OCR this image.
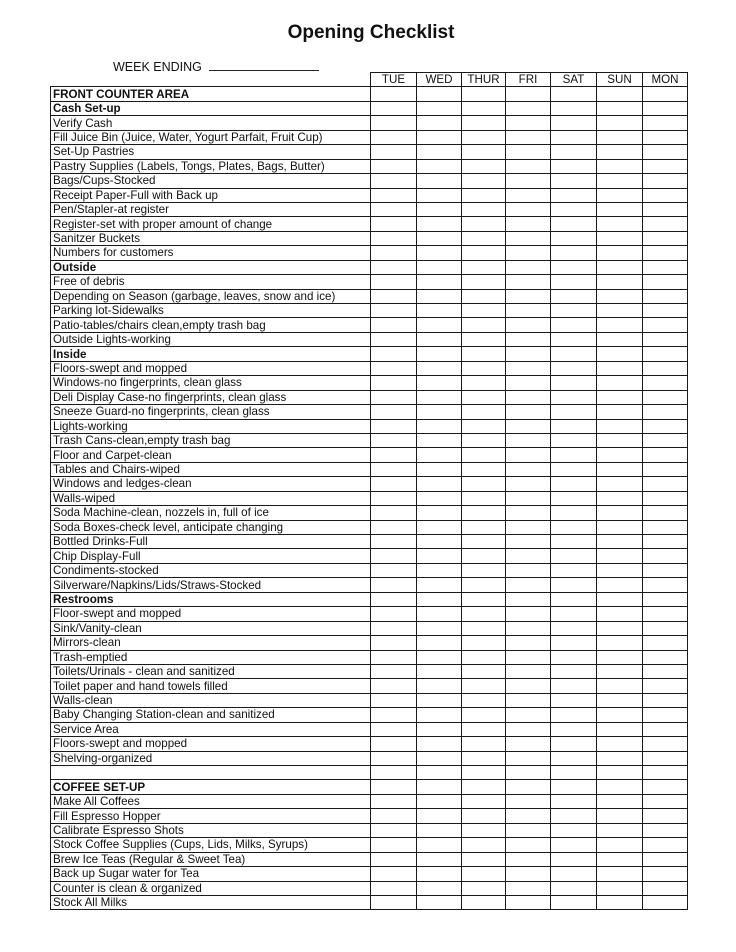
Opening Checklist
WEEK ENDING
	TUE	WED	THUR	FRI	SAT	SUN	MON
FRONT COUNTER AREA							
Cash Set-up							
Verify Cash							
Fill Juice Bin (Juice, Water, Yogurt Parfait, Fruit Cup)							
Set-Up Pastries							
Pastry Supplies (Labels, Tongs, Plates, Bags, Butter)							
Bags/Cups-Stocked							
Receipt Paper-Full with Back up							
Pen/Stapler-at register							
Register-set with proper amount of change							
Sanitzer Buckets							
Numbers for customers							
Outside							
Free of debris							
Depending on Season (garbage, leaves, snow and ice)							
Parking lot-Sidewalks							
Patio-tables/chairs clean,empty trash bag							
Outside Lights-working							
Inside							
Floors-swept and mopped							
Windows-no fingerprints, clean glass							
Deli Display Case-no fingerprints, clean glass							
Sneeze Guard-no fingerprints, clean glass							
Lights-working							
Trash Cans-clean,empty trash bag							
Floor and Carpet-clean							
Tables and Chairs-wiped							
Windows and ledges-clean							
Walls-wiped							
Soda Machine-clean, nozzels in, full of ice							
Soda Boxes-check level, anticipate changing							
Bottled Drinks-Full							
Chip Display-Full							
Condiments-stocked							
Silverware/Napkins/Lids/Straws-Stocked							
Restrooms							
Floor-swept and mopped							
Sink/Vanity-clean							
Mirrors-clean							
Trash-emptied							
Toilets/Urinals - clean and sanitized							
Toilet paper and hand towels filled							
Walls-clean							
Baby Changing Station-clean and sanitized							
Service Area							
Floors-swept and mopped							
Shelving-organized							

COFFEE SET-UP							
Make All Coffees							
Fill Espresso Hopper							
Calibrate Espresso Shots							
Stock Coffee Supplies (Cups, Lids, Milks, Syrups)							
Brew Ice Teas (Regular & Sweet Tea)							
Back up Sugar water for Tea							
Counter is clean & organized							
Stock All Milks							
